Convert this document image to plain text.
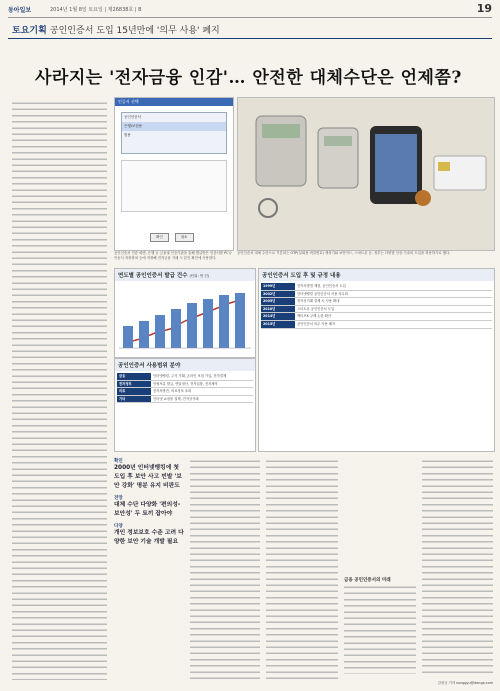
동아일보	2014년 1월 8일 토요일 | 제26838호 | B	19
토요기획 공인인증서 도입 15년만에 '의무 사용' 폐지
사라지는 '전자금융 인감'… 안전한 대체수단은 언제쯤?
인증서 선택
공인인증서
은행/보험용
범용
확인	취소
공인인증서 인증 화면. 은행 등 금융권 인증기관을 통해 발급받은 인증서를 PC나 이동식 저장장치 등에 저장해 전자금융 거래 시 본인 확인에 사용한다.
공인인증서 대체 수단으로 거론되는 OTP(일회용 비밀번호) 생성기와 보안카드, 스마트폰 등. 정부는 다양한 인증 기술의 도입을 허용하기로 했다.
연도별 공인인증서 발급 건수 (단위: 만 건)
공인인증서 사용범위 분야
금융	인터넷뱅킹, 주식 거래, 온라인 보험 가입, 전자결제
전자정부	민원서류 발급, 연말정산, 전자입찰, 전자계약
의료	전자처방전, 의료정보 조회
기타	인터넷 쇼핑몰 결제, 전자상거래
공인인증서 도입 후 및 규정 내용
1999년	전자서명법 제정, 공인인증서 도입
2002년	인터넷뱅킹 공인인증서 사용 의무화
2005년	전자상거래 결제 시 사용 확대
2010년	스마트폰 공인인증서 도입
2014년	액티브X 규제 논란 확산
2015년	공인인증서 의무 사용 폐지
확인
2000년 인터넷뱅킹에 첫 도입 후 보안 사고 빈발 '보안 강화' 명분 유지 비판도
전망
대체 수단 다양화 '편의성-보안성' 두 토끼 잡아야
다양
개인 정보보호 수준 고려 다양한 보안 기술 개발 필요
금융 공인인증서의 미래
김성규 기자 sunggyu@donga.com
